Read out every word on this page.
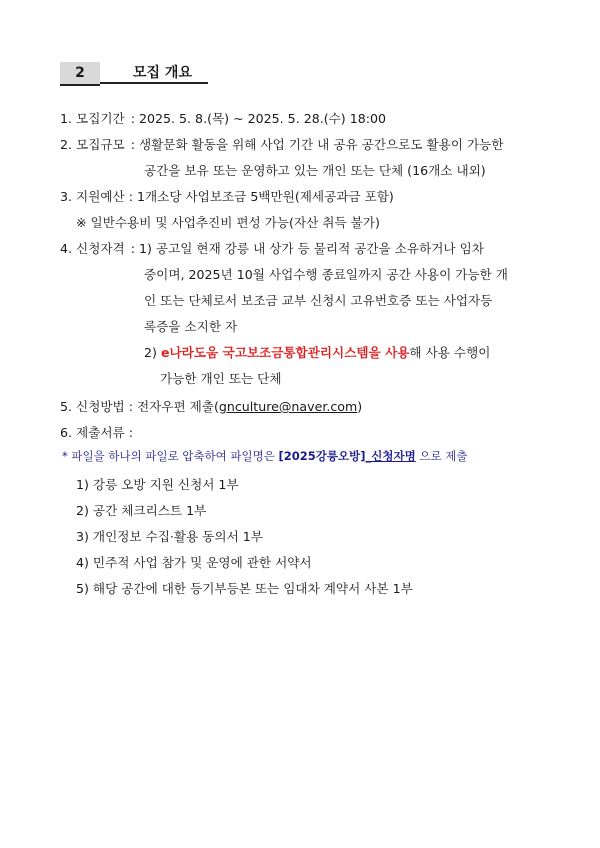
2	모집 개요
1. 모집기간 : 2025. 5. 8.(목) ~ 2025. 5. 28.(수) 18:00
2. 모집규모 : 생활문화 활동을 위해 사업 기간 내 공유 공간으로도 활용이 가능한
공간을 보유 또는 운영하고 있는 개인 또는 단체 (16개소 내외)
3. 지원예산 : 1개소당 사업보조금 5백만원(제세공과금 포함)
※ 일반수용비 및 사업추진비 편성 가능(자산 취득 불가)
4. 신청자격 : 1) 공고일 현재 강릉 내 상가 등 물리적 공간을 소유하거나 임차
중이며, 2025년 10월 사업수행 종료일까지 공간 사용이 가능한 개
인 또는 단체로서 보조금 교부 신청시 고유번호증 또는 사업자등
록증을 소지한 자
2) e나라도움 국고보조금통합관리시스템을 사용해 사용 수행이
가능한 개인 또는 단체
5. 신청방법 : 전자우편 제출(gnculture@naver.com)
6. 제출서류 :
* 파일을 하나의 파일로 압축하여 파일명은 [2025강릉오방]_신청자명 으로 제출
1) 강릉 오방 지원 신청서 1부
2) 공간 체크리스트 1부
3) 개인정보 수집·활용 동의서 1부
4) 민주적 사업 참가 및 운영에 관한 서약서
5) 해당 공간에 대한 등기부등본 또는 임대차 계약서 사본 1부
